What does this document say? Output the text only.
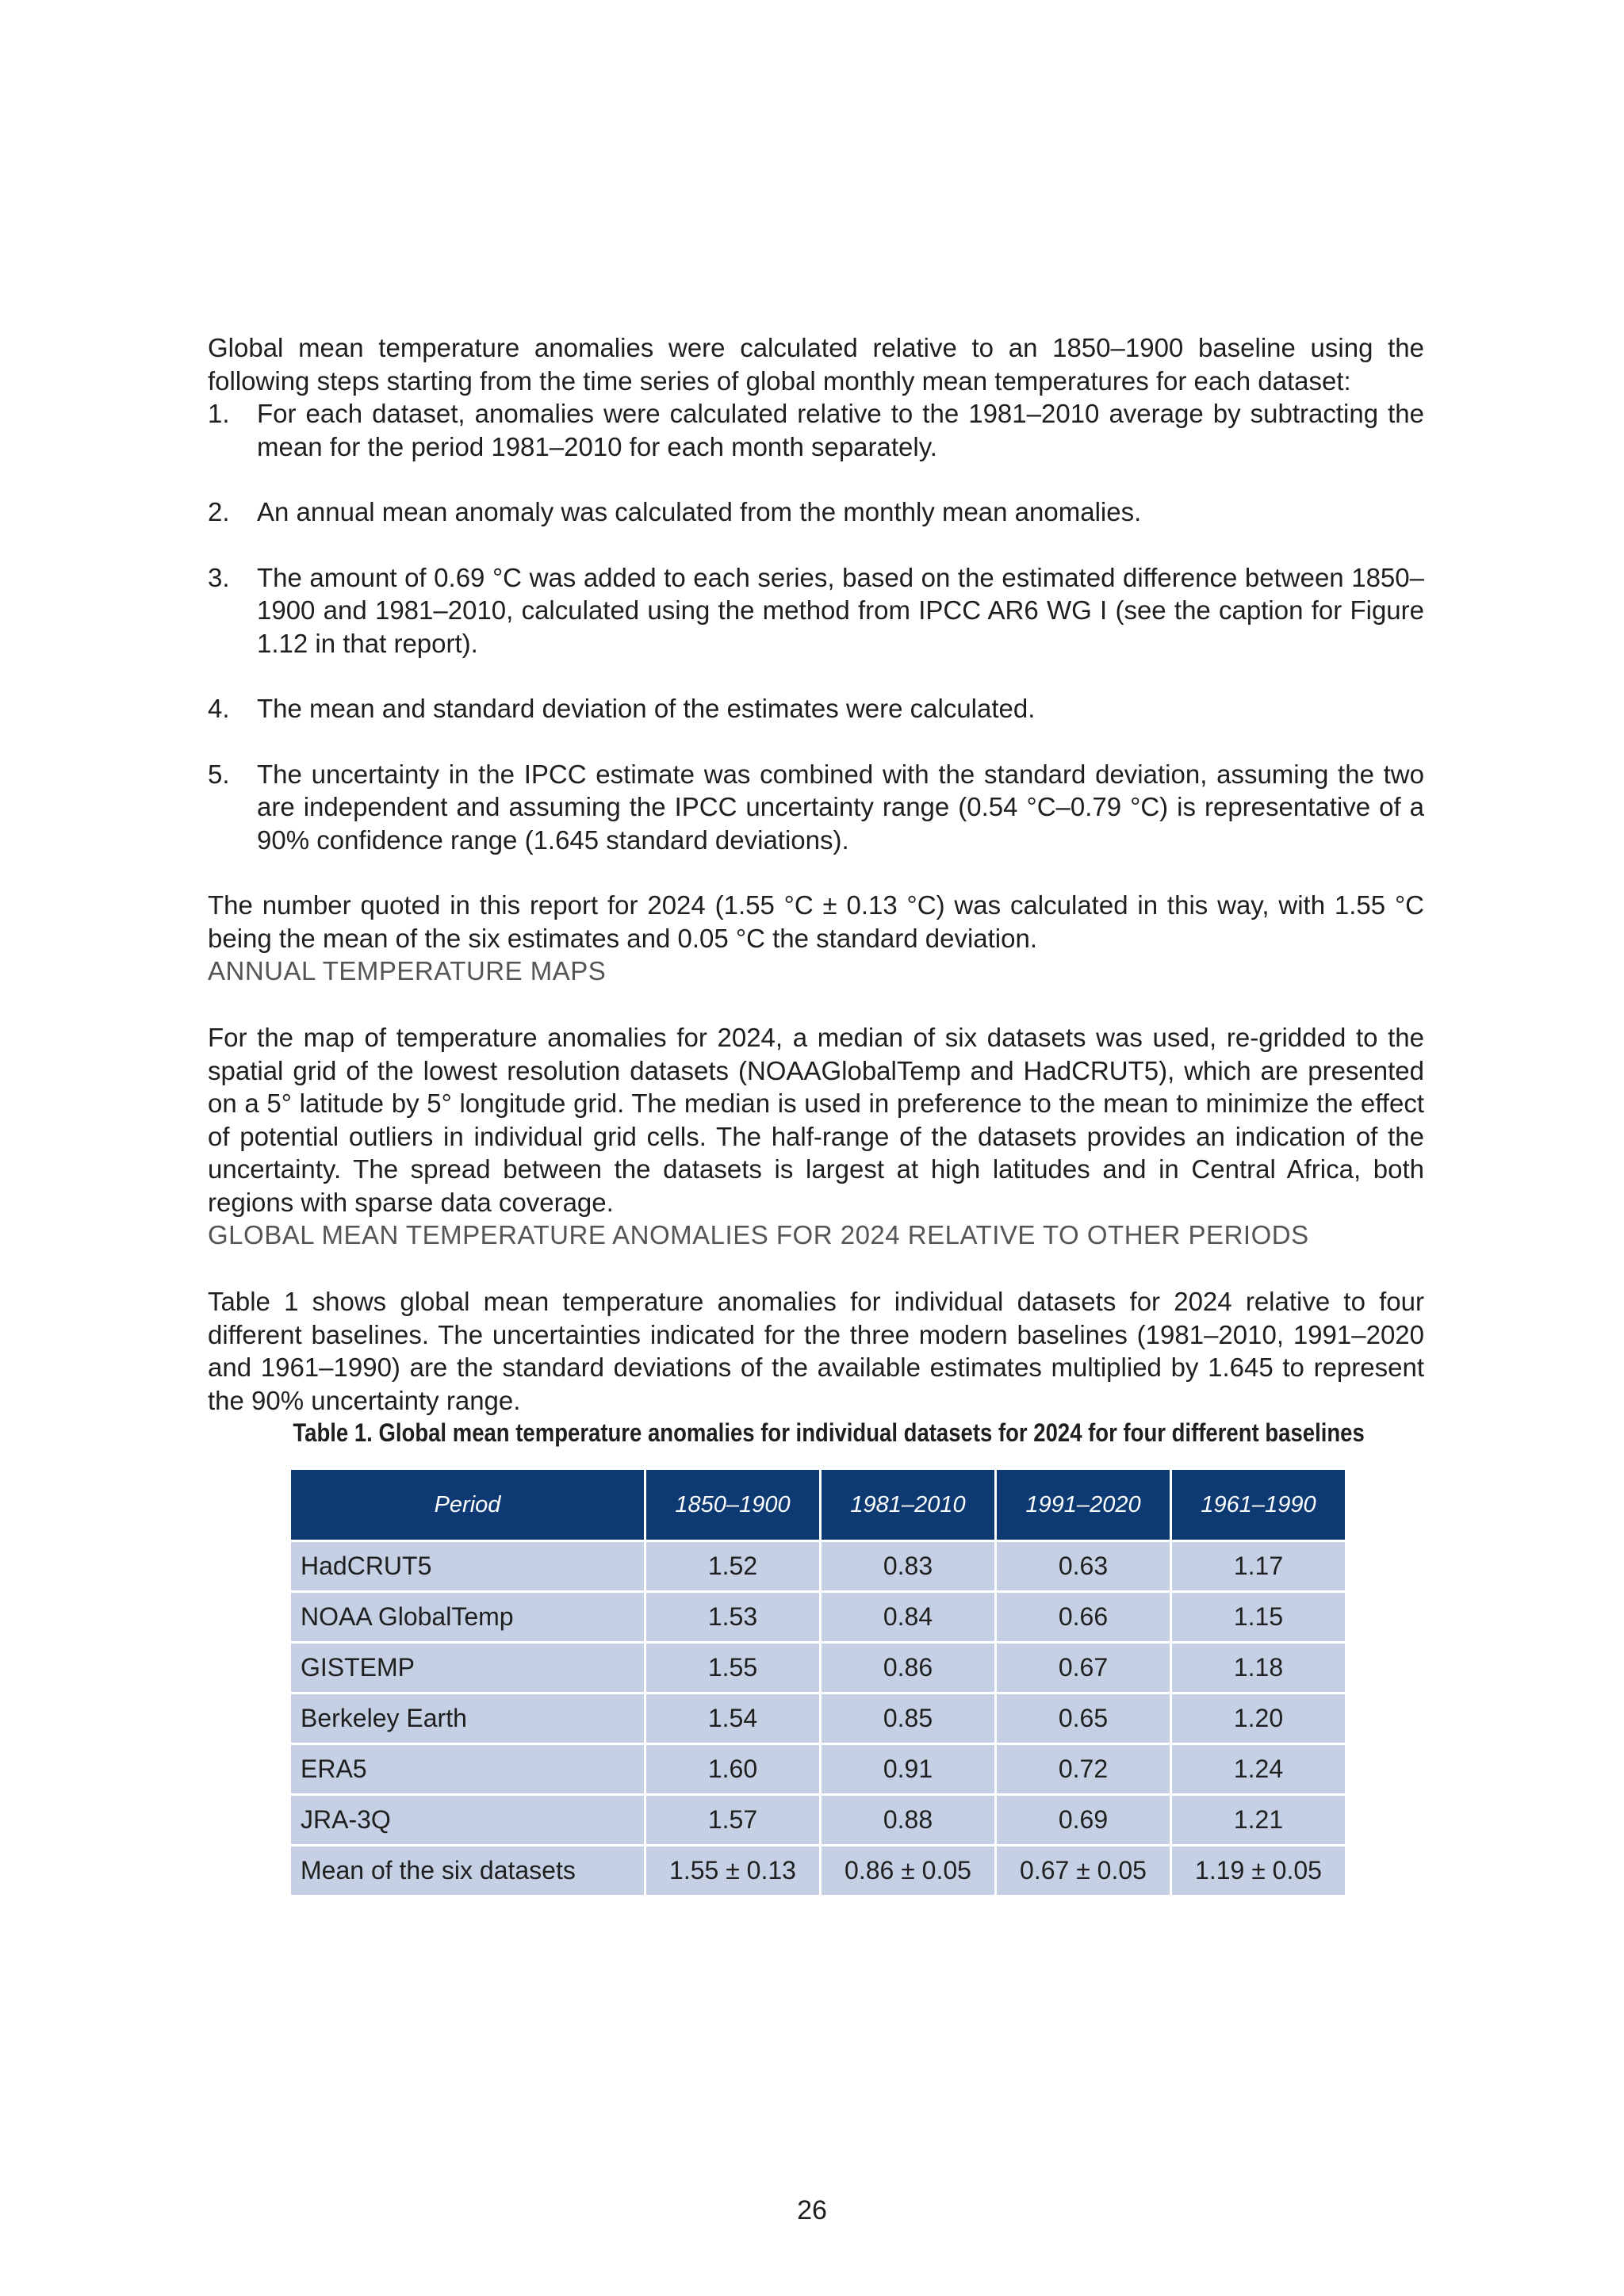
Global mean temperature anomalies were calculated relative to an 1850–1900 baseline using the following steps starting from the time series of global monthly mean temperatures for each dataset:

1.	For each dataset, anomalies were calculated relative to the 1981–2010 average by subtracting the mean for the period 1981–2010 for each month separately.
2.	An annual mean anomaly was calculated from the monthly mean anomalies.
3.	The amount of 0.69 °C was added to each series, based on the estimated difference between 1850–1900 and 1981–2010, calculated using the method from IPCC AR6 WG I (see the caption for Figure 1.12 in that report).
4.	The mean and standard deviation of the estimates were calculated.
5.	The uncertainty in the IPCC estimate was combined with the standard deviation, assuming the two are independent and assuming the IPCC uncertainty range (0.54 °C–0.79 °C) is representative of a 90% confidence range (1.645 standard deviations).

The number quoted in this report for 2024 (1.55 °C ± 0.13 °C) was calculated in this way, with 1.55 °C being the mean of the six estimates and 0.05 °C the standard deviation.

ANNUAL TEMPERATURE MAPS

For the map of temperature anomalies for 2024, a median of six datasets was used, re-gridded to the spatial grid of the lowest resolution datasets (NOAAGlobalTemp and HadCRUT5), which are presented on a 5° latitude by 5° longitude grid. The median is used in preference to the mean to minimize the effect of potential outliers in individual grid cells. The half-range of the datasets provides an indication of the uncertainty. The spread between the datasets is largest at high latitudes and in Central Africa, both regions with sparse data coverage.

GLOBAL MEAN TEMPERATURE ANOMALIES FOR 2024 RELATIVE TO OTHER PERIODS

Table 1 shows global mean temperature anomalies for individual datasets for 2024 relative to four different baselines. The uncertainties indicated for the three modern baselines (1981–2010, 1991–2020 and 1961–1990) are the standard deviations of the available estimates multiplied by 1.645 to represent the 90% uncertainty range.

Table 1. Global mean temperature anomalies for individual datasets for 2024 for four different baselines
Period	1850–1900	1981–2010	1991–2020	1961–1990
HadCRUT5	1.52	0.83	0.63	1.17
NOAA GlobalTemp	1.53	0.84	0.66	1.15
GISTEMP	1.55	0.86	0.67	1.18
Berkeley Earth	1.54	0.85	0.65	1.20
ERA5	1.60	0.91	0.72	1.24
JRA-3Q	1.57	0.88	0.69	1.21
Mean of the six datasets	1.55 ± 0.13	0.86 ± 0.05	0.67 ± 0.05	1.19 ± 0.05
26
